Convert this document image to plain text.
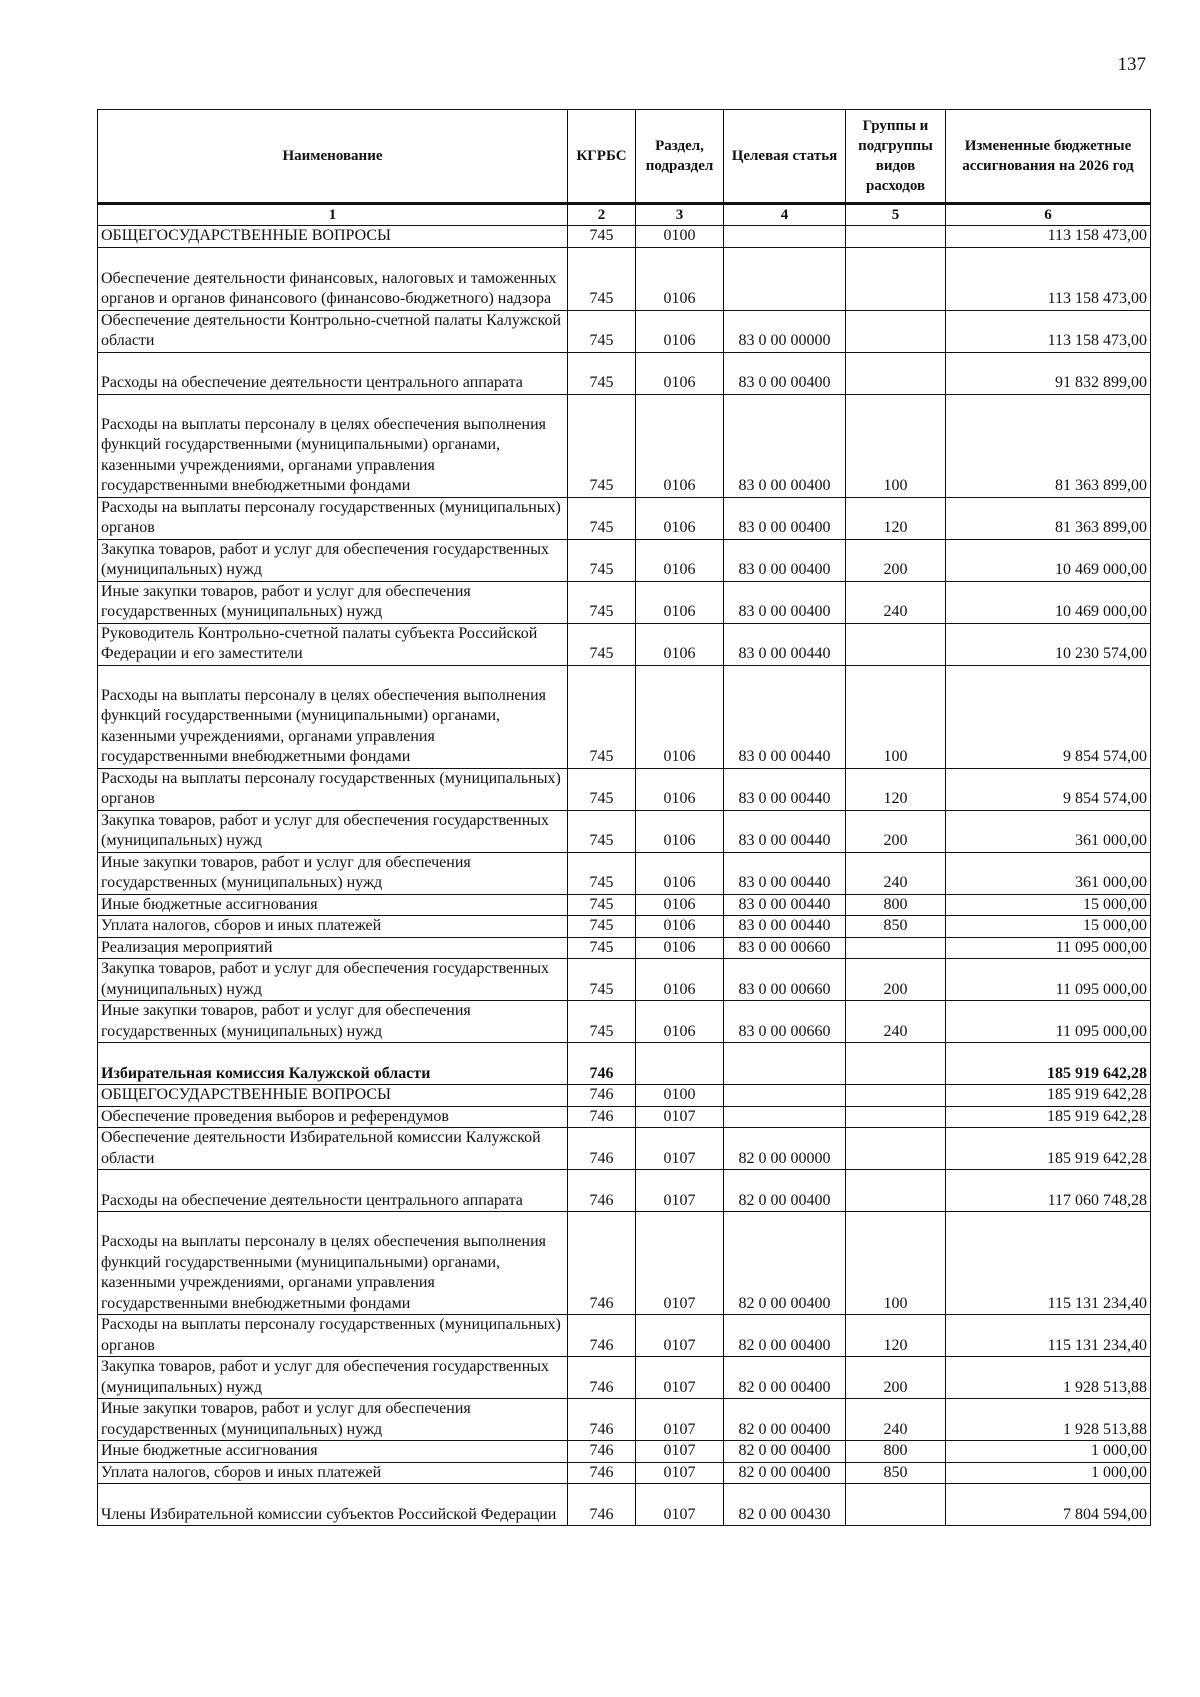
137
Наименование	КГРБС	Раздел, подраздел	Целевая статья	Группы и подгруппы видов расходов	Измененные бюджетные ассигнования на 2026 год
1	2	3	4	5	6
ОБЩЕГОСУДАРСТВЕННЫЕ ВОПРОСЫ	745	0100			113 158 473,00
Обеспечение деятельности финансовых, налоговых и таможенных органов и органов финансового (финансово-бюджетного) надзора	745	0106			113 158 473,00
Обеспечение деятельности Контрольно-счетной палаты Калужской области	745	0106	83 0 00 00000		113 158 473,00
Расходы на обеспечение деятельности центрального аппарата	745	0106	83 0 00 00400		91 832 899,00
Расходы на выплаты персоналу в целях обеспечения выполнения функций государственными (муниципальными) органами, казенными учреждениями, органами управления государственными внебюджетными фондами	745	0106	83 0 00 00400	100	81 363 899,00
Расходы на выплаты персоналу государственных (муниципальных) органов	745	0106	83 0 00 00400	120	81 363 899,00
Закупка товаров, работ и услуг для обеспечения государственных (муниципальных) нужд	745	0106	83 0 00 00400	200	10 469 000,00
Иные закупки товаров, работ и услуг для обеспечения государственных (муниципальных) нужд	745	0106	83 0 00 00400	240	10 469 000,00
Руководитель Контрольно-счетной палаты субъекта Российской Федерации и его заместители	745	0106	83 0 00 00440		10 230 574,00
Расходы на выплаты персоналу в целях обеспечения выполнения функций государственными (муниципальными) органами, казенными учреждениями, органами управления государственными внебюджетными фондами	745	0106	83 0 00 00440	100	9 854 574,00
Расходы на выплаты персоналу государственных (муниципальных) органов	745	0106	83 0 00 00440	120	9 854 574,00
Закупка товаров, работ и услуг для обеспечения государственных (муниципальных) нужд	745	0106	83 0 00 00440	200	361 000,00
Иные закупки товаров, работ и услуг для обеспечения государственных (муниципальных) нужд	745	0106	83 0 00 00440	240	361 000,00
Иные бюджетные ассигнования	745	0106	83 0 00 00440	800	15 000,00
Уплата налогов, сборов и иных платежей	745	0106	83 0 00 00440	850	15 000,00
Реализация мероприятий	745	0106	83 0 00 00660		11 095 000,00
Закупка товаров, работ и услуг для обеспечения государственных (муниципальных) нужд	745	0106	83 0 00 00660	200	11 095 000,00
Иные закупки товаров, работ и услуг для обеспечения государственных (муниципальных) нужд	745	0106	83 0 00 00660	240	11 095 000,00
Избирательная комиссия Калужской области	746				185 919 642,28
ОБЩЕГОСУДАРСТВЕННЫЕ ВОПРОСЫ	746	0100			185 919 642,28
Обеспечение проведения выборов и референдумов	746	0107			185 919 642,28
Обеспечение деятельности Избирательной комиссии Калужской области	746	0107	82 0 00 00000		185 919 642,28
Расходы на обеспечение деятельности центрального аппарата	746	0107	82 0 00 00400		117 060 748,28
Расходы на выплаты персоналу в целях обеспечения выполнения функций государственными (муниципальными) органами, казенными учреждениями, органами управления государственными внебюджетными фондами	746	0107	82 0 00 00400	100	115 131 234,40
Расходы на выплаты персоналу государственных (муниципальных) органов	746	0107	82 0 00 00400	120	115 131 234,40
Закупка товаров, работ и услуг для обеспечения государственных (муниципальных) нужд	746	0107	82 0 00 00400	200	1 928 513,88
Иные закупки товаров, работ и услуг для обеспечения государственных (муниципальных) нужд	746	0107	82 0 00 00400	240	1 928 513,88
Иные бюджетные ассигнования	746	0107	82 0 00 00400	800	1 000,00
Уплата налогов, сборов и иных платежей	746	0107	82 0 00 00400	850	1 000,00
Члены Избирательной комиссии субъектов Российской Федерации	746	0107	82 0 00 00430		7 804 594,00
